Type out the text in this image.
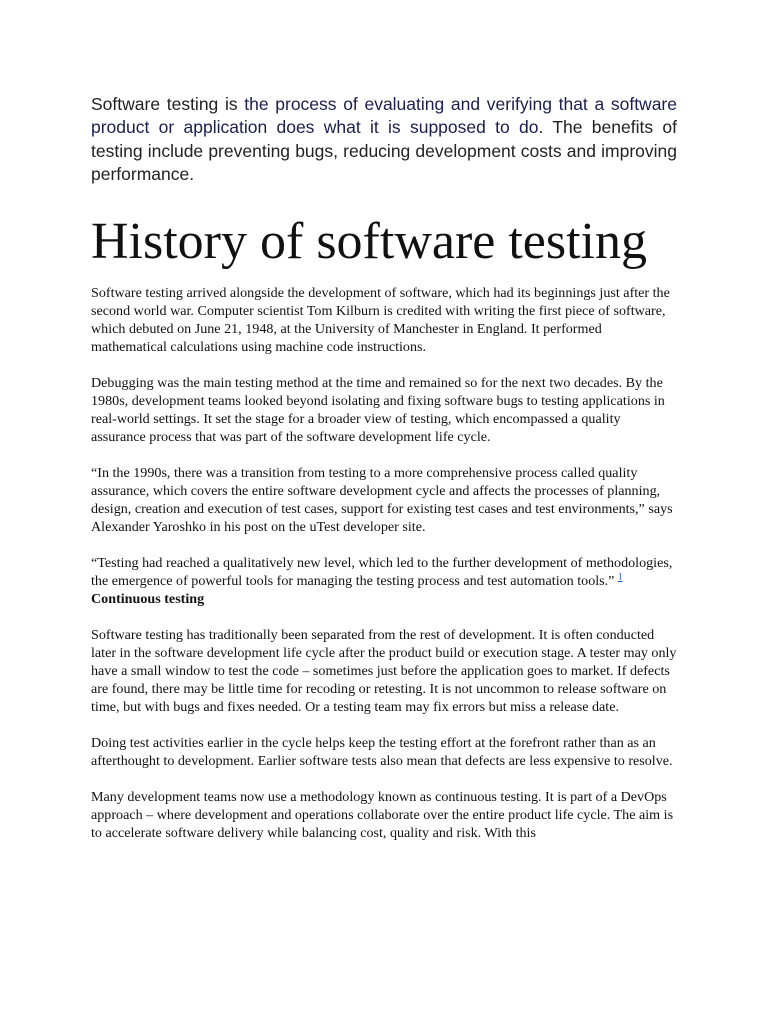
Software testing is the process of evaluating and verifying that a software product or application does what it is supposed to do. The benefits of testing include preventing bugs, reducing development costs and improving performance.

History of software testing

Software testing arrived alongside the development of software, which had its beginnings just after the second world war. Computer scientist Tom Kilburn is credited with writing the first piece of software, which debuted on June 21, 1948, at the University of Manchester in England. It performed mathematical calculations using machine code instructions.

Debugging was the main testing method at the time and remained so for the next two decades. By the 1980s, development teams looked beyond isolating and fixing software bugs to testing applications in real-world settings. It set the stage for a broader view of testing, which encompassed a quality assurance process that was part of the software development life cycle.

“In the 1990s, there was a transition from testing to a more comprehensive process called quality assurance, which covers the entire software development cycle and affects the processes of planning, design, creation and execution of test cases, support for existing test cases and test environments,” says Alexander Yaroshko in his post on the uTest developer site.

“Testing had reached a qualitatively new level, which led to the further development of methodologies, the emergence of powerful tools for managing the testing process and test automation tools.” $^1$

Continuous testing

Software testing has traditionally been separated from the rest of development. It is often conducted later in the software development life cycle after the product build or execution stage. A tester may only have a small window to test the code – sometimes just before the application goes to market. If defects are found, there may be little time for recoding or retesting. It is not uncommon to release software on time, but with bugs and fixes needed. Or a testing team may fix errors but miss a release date.

Doing test activities earlier in the cycle helps keep the testing effort at the forefront rather than as an afterthought to development. Earlier software tests also mean that defects are less expensive to resolve.

Many development teams now use a methodology known as continuous testing. It is part of a DevOps approach – where development and operations collaborate over the entire product life cycle. The aim is to accelerate software delivery while balancing cost, quality and risk. With this
